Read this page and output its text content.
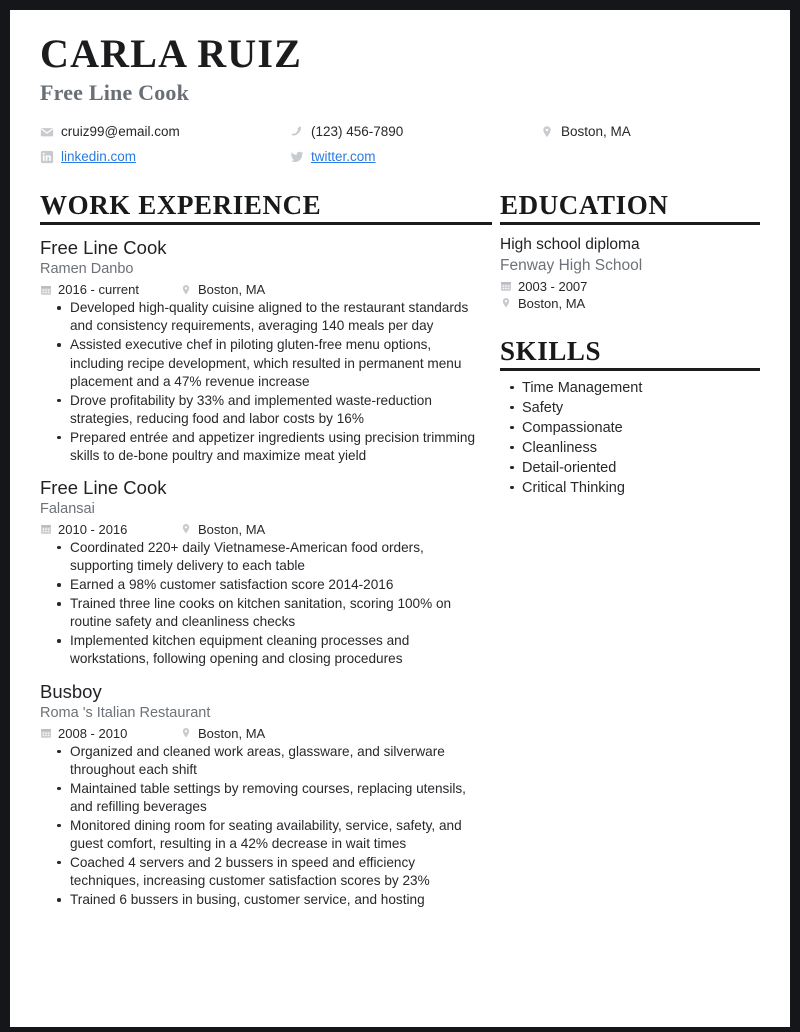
CARLA RUIZ
Free Line Cook
cruiz99@email.com	(123) 456-7890	Boston, MA
linkedin.com	twitter.com
WORK EXPERIENCE
Free Line Cook
Ramen Danbo
2016 - current	Boston, MA
Developed high-quality cuisine aligned to the restaurant standards and consistency requirements, averaging 140 meals per day
Assisted executive chef in piloting gluten-free menu options, including recipe development, which resulted in permanent menu placement and a 47% revenue increase
Drove profitability by 33% and implemented waste-reduction strategies, reducing food and labor costs by 16%
Prepared entrée and appetizer ingredients using precision trimming skills to de-bone poultry and maximize meat yield
Free Line Cook
Falansai
2010 - 2016	Boston, MA
Coordinated 220+ daily Vietnamese-American food orders, supporting timely delivery to each table
Earned a 98% customer satisfaction score 2014-2016
Trained three line cooks on kitchen sanitation, scoring 100% on routine safety and cleanliness checks
Implemented kitchen equipment cleaning processes and workstations, following opening and closing procedures
Busboy
Roma 's Italian Restaurant
2008 - 2010	Boston, MA
Organized and cleaned work areas, glassware, and silverware throughout each shift
Maintained table settings by removing courses, replacing utensils, and refilling beverages
Monitored dining room for seating availability, service, safety, and guest comfort, resulting in a 42% decrease in wait times
Coached 4 servers and 2 bussers in speed and efficiency techniques, increasing customer satisfaction scores by 23%
Trained 6 bussers in busing, customer service, and hosting
EDUCATION
High school diploma
Fenway High School
2003 - 2007
Boston, MA
SKILLS
Time Management
Safety
Compassionate
Cleanliness
Detail-oriented
Critical Thinking
